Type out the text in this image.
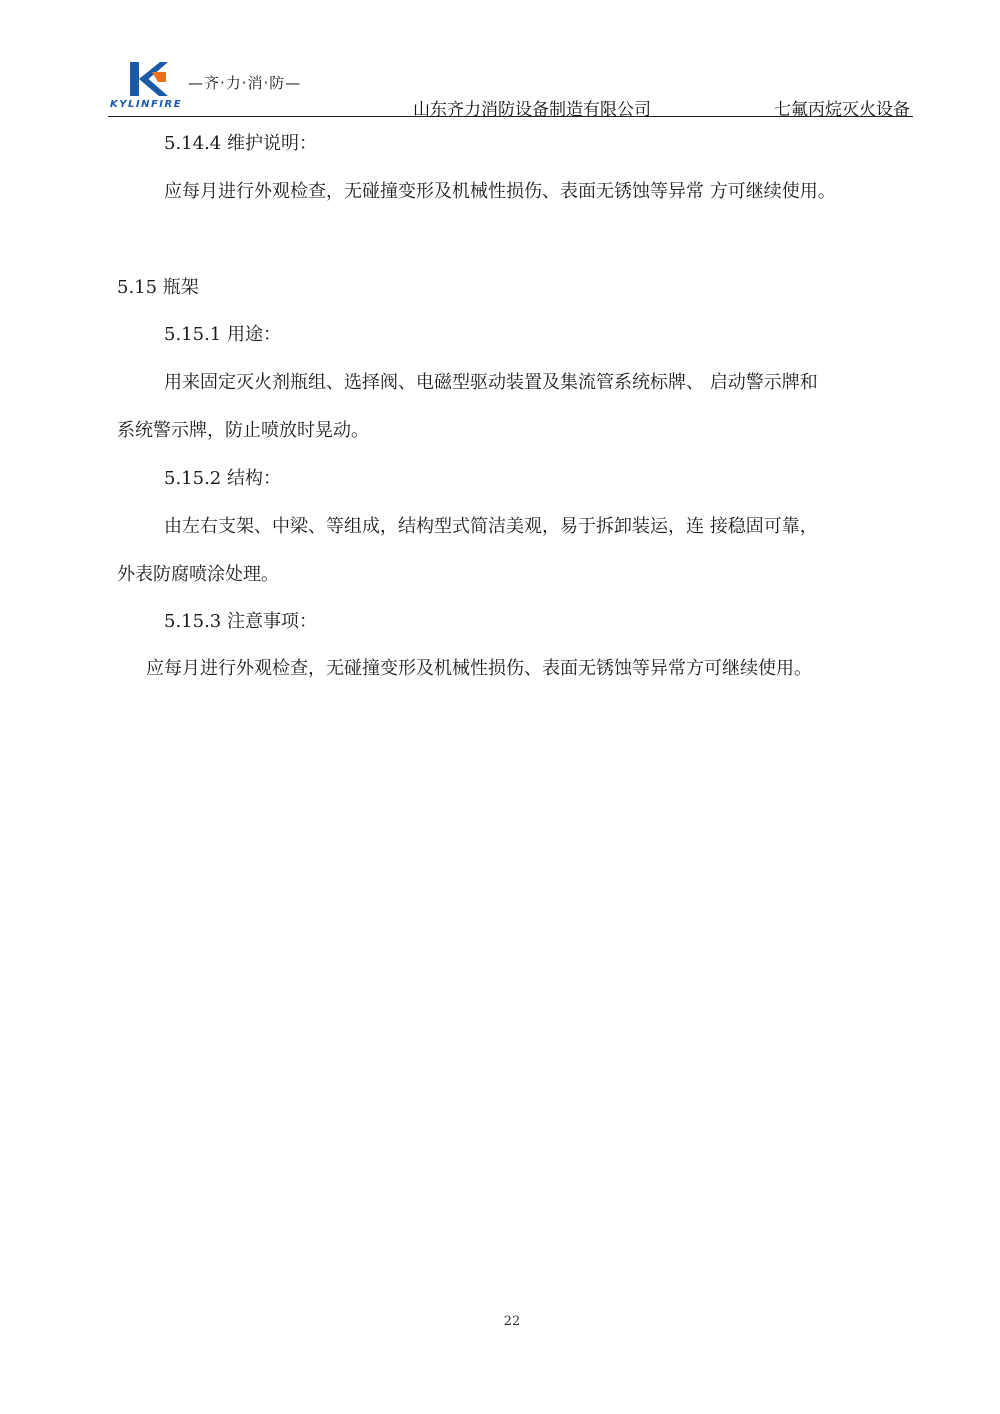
—齐·力·消·防—
KYLINFIRE	山东齐力消防设备制造有限公司	七氟丙烷灭火设备
5.14.4 维护说明：
应每月进行外观检查，无碰撞变形及机械性损伤、表面无锈蚀等异常 方可继续使用。
5.15 瓶架
5.15.1 用途：
用来固定灭火剂瓶组、选择阀、电磁型驱动装置及集流管系统标牌、 启动警示牌和
系统警示牌，防止喷放时晃动。
5.15.2 结构：
由左右支架、中梁、等组成，结构型式简洁美观，易于拆卸装运，连 接稳固可靠，
外表防腐喷涂处理。
5.15.3 注意事项：
应每月进行外观检查，无碰撞变形及机械性损伤、表面无锈蚀等异常方可继续使用。
22
